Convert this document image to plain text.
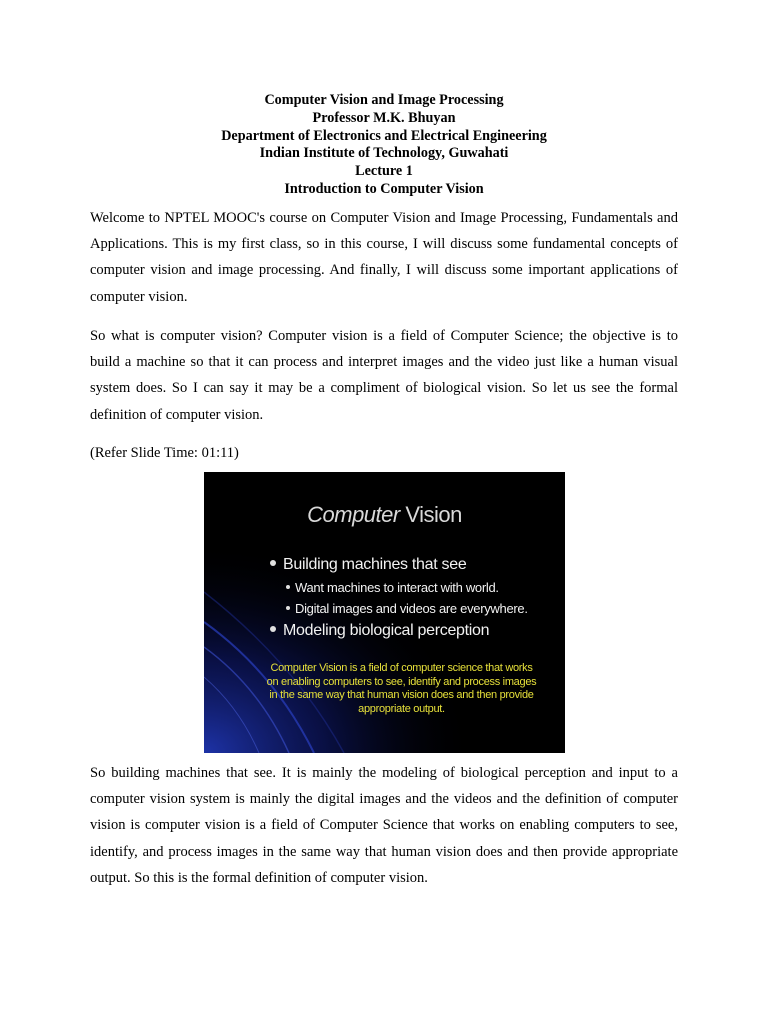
Computer Vision and Image Processing
Professor M.K. Bhuyan
Department of Electronics and Electrical Engineering
Indian Institute of Technology, Guwahati
Lecture 1
Introduction to Computer Vision

Welcome to NPTEL MOOC's course on Computer Vision and Image Processing, Fundamentals and Applications. This is my first class, so in this course, I will discuss some fundamental concepts of computer vision and image processing. And finally, I will discuss some important applications of computer vision.

So what is computer vision? Computer vision is a field of Computer Science; the objective is to build a machine so that it can process and interpret images and the video just like a human visual system does. So I can say it may be a compliment of biological vision. So let us see the formal definition of computer vision.

(Refer Slide Time: 01:11)
Computer Vision
Building machines that see
Want machines to interact with world.
Digital images and videos are everywhere.
Modeling biological perception
Computer Vision is a field of computer science that works
on enabling computers to see, identify and process images
in the same way that human vision does and then provide
appropriate output.

So building machines that see. It is mainly the modeling of biological perception and input to a computer vision system is mainly the digital images and the videos and the definition of computer vision is computer vision is a field of Computer Science that works on enabling computers to see, identify, and process images in the same way that human vision does and then provide appropriate output. So this is the formal definition of computer vision.
